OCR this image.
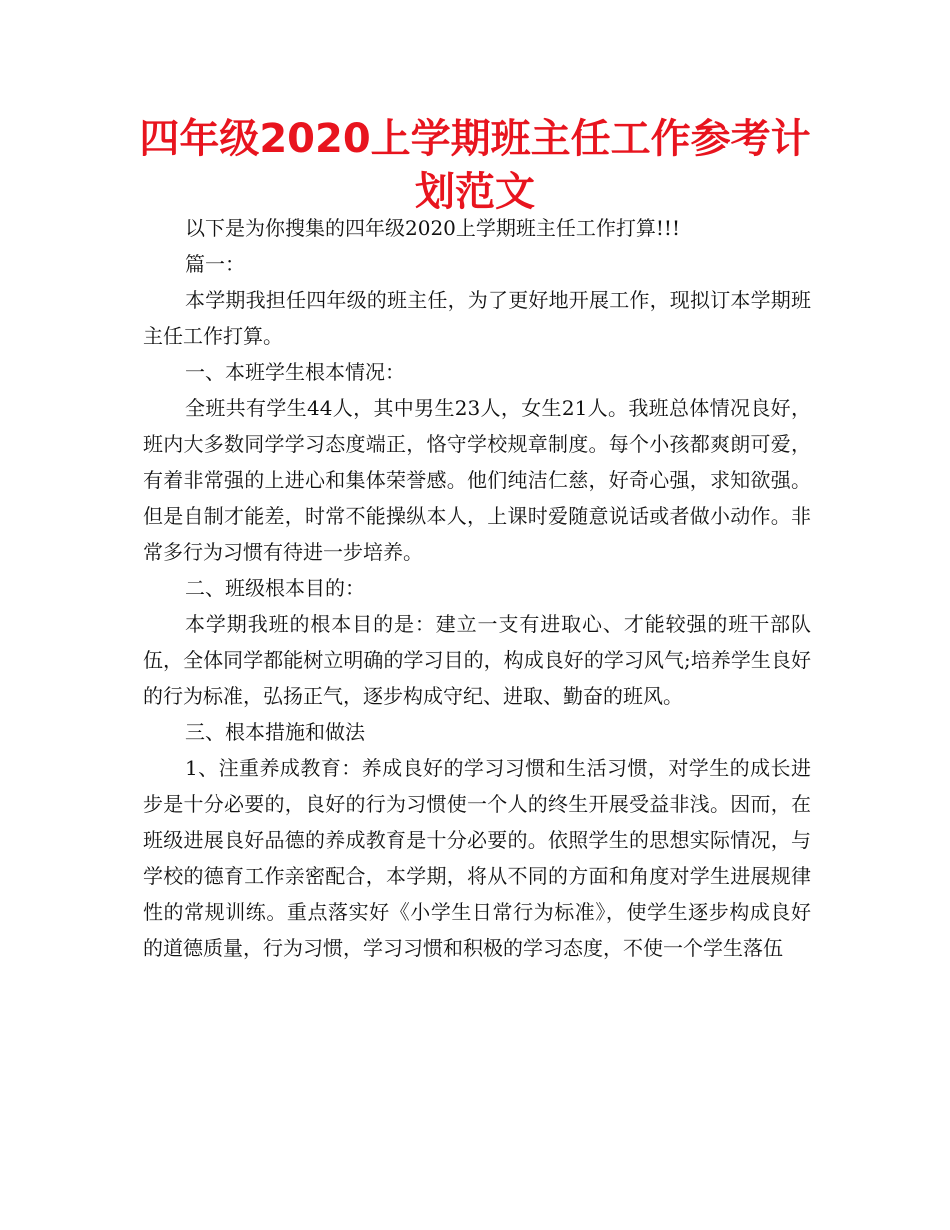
四年级2020上学期班主任工作参考计划范文

以下是为你搜集的四年级2020上学期班主任工作打算!!!

篇一：

本学期我担任四年级的班主任，为了更好地开展工作，现拟订本学期班主任工作打算。

一、本班学生根本情况：

全班共有学生44人，其中男生23人，女生21人。我班总体情况良好，班内大多数同学学习态度端正，恪守学校规章制度。每个小孩都爽朗可爱，有着非常强的上进心和集体荣誉感。他们纯洁仁慈，好奇心强，求知欲强。但是自制才能差，时常不能操纵本人，上课时爱随意说话或者做小动作。非常多行为习惯有待进一步培养。

二、班级根本目的：

本学期我班的根本目的是：建立一支有进取心、才能较强的班干部队伍，全体同学都能树立明确的学习目的，构成良好的学习风气;培养学生良好的行为标准，弘扬正气，逐步构成守纪、进取、勤奋的班风。

三、根本措施和做法

1、注重养成教育：养成良好的学习习惯和生活习惯，对学生的成长进步是十分必要的，良好的行为习惯使一个人的终生开展受益非浅。因而，在班级进展良好品德的养成教育是十分必要的。依照学生的思想实际情况，与学校的德育工作亲密配合，本学期，将从不同的方面和角度对学生进展规律性的常规训练。重点落实好《小学生日常行为标准》，使学生逐步构成良好的道德质量，行为习惯，学习习惯和积极的学习态度，不使一个学生落伍
